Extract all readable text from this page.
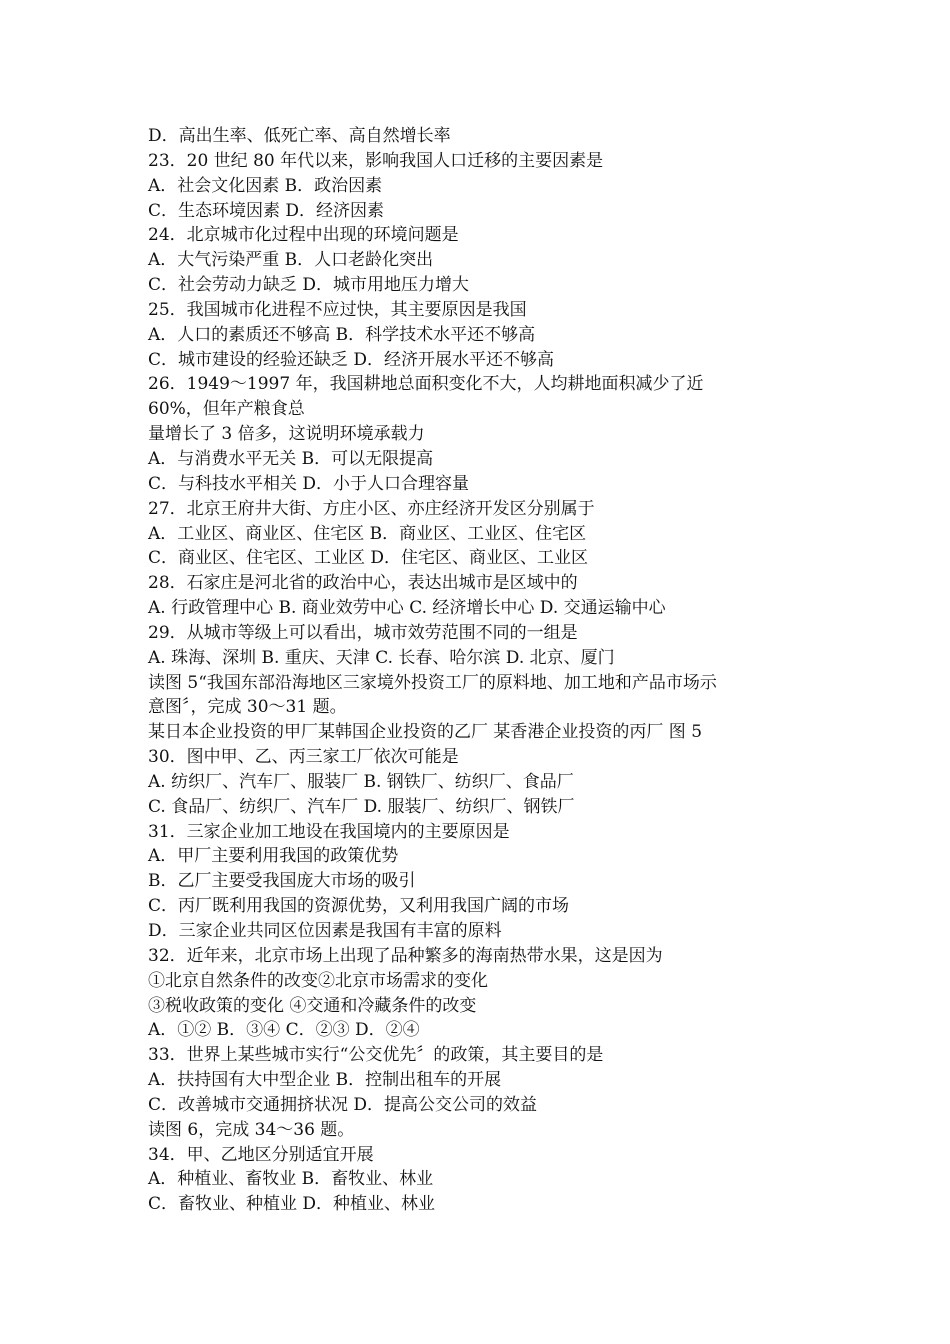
D．高出生率、低死亡率、高自然增长率
23．20 世纪 80 年代以来，影响我国人口迁移的主要因素是
A．社会文化因素 B．政治因素
C．生态环境因素 D．经济因素
24．北京城市化过程中出现的环境问题是
A．大气污染严重 B．人口老龄化突出
C．社会劳动力缺乏 D．城市用地压力增大
25．我国城市化进程不应过快，其主要原因是我国
A．人口的素质还不够高 B．科学技术水平还不够高
C．城市建设的经验还缺乏 D．经济开展水平还不够高
26．1949～1997 年，我国耕地总面积变化不大，人均耕地面积减少了近
60%，但年产粮食总
量增长了 3 倍多，这说明环境承载力
A．与消费水平无关 B．可以无限提高
C．与科技水平相关 D．小于人口合理容量
27．北京王府井大街、方庄小区、亦庄经济开发区分别属于
A．工业区、商业区、住宅区 B．商业区、工业区、住宅区
C．商业区、住宅区、工业区 D．住宅区、商业区、工业区
28．石家庄是河北省的政治中心，表达出城市是区域中的
A. 行政管理中心 B. 商业效劳中心 C. 经济增长中心 D. 交通运输中心
29．从城市等级上可以看出，城市效劳范围不同的一组是
A. 珠海、深圳 B. 重庆、天津 C. 长春、哈尔滨 D. 北京、厦门
读图 5“我国东部沿海地区三家境外投资工厂的原料地、加工地和产品市场示
意图〞，完成 30～31 题。
某日本企业投资的甲厂某韩国企业投资的乙厂 某香港企业投资的丙厂 图 5
30．图中甲、乙、丙三家工厂依次可能是
A. 纺织厂、汽车厂、服装厂 B. 钢铁厂、纺织厂、食品厂
C. 食品厂、纺织厂、汽车厂 D. 服装厂、纺织厂、钢铁厂
31．三家企业加工地设在我国境内的主要原因是
A．甲厂主要利用我国的政策优势
B．乙厂主要受我国庞大市场的吸引
C．丙厂既利用我国的资源优势，又利用我国广阔的市场
D．三家企业共同区位因素是我国有丰富的原料
32．近年来，北京市场上出现了品种繁多的海南热带水果，这是因为
①北京自然条件的改变②北京市场需求的变化
③税收政策的变化 ④交通和冷藏条件的改变
A．①② B．③④ C．②③ D．②④
33．世界上某些城市实行“公交优先〞的政策，其主要目的是
A．扶持国有大中型企业 B．控制出租车的开展
C．改善城市交通拥挤状况 D．提高公交公司的效益
读图 6，完成 34～36 题。
34．甲、乙地区分别适宜开展
A．种植业、畜牧业 B．畜牧业、林业
C．畜牧业、种植业 D．种植业、林业
